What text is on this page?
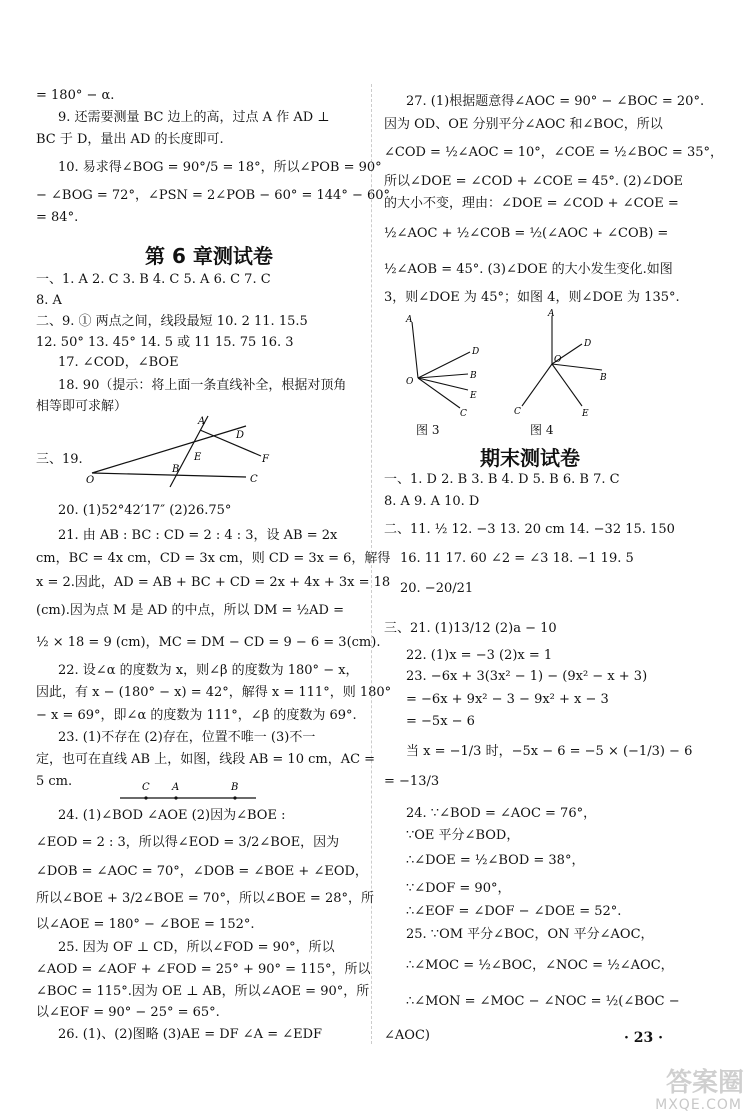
= 180° − α.
9. 还需要测量 BC 边上的高，过点 A 作 AD ⊥
BC 于 D，量出 AD 的长度即可.
10. 易求得∠BOG = 90°/5 = 18°，所以∠POB = 90°
− ∠BOG = 72°，∠PSN = 2∠POB − 60° = 144° − 60°
= 84°.
第 6 章测试卷
一、1. A 2. C 3. B 4. C 5. A 6. C 7. C
8. A
二、9. ① 两点之间，线段最短 10. 2 11. 15.5
12. 50° 13. 45° 14. 5 或 11 15. 75 16. 3
17. ∠COD，∠BOE
18. 90（提示：将上面一条直线补全，根据对顶角
相等即可求解）
三、19.
A
D
E	F
B
O	C
20. (1)52°42′17″ (2)26.75°
21. 由 AB : BC : CD = 2 : 4 : 3，设 AB = 2x
cm，BC = 4x cm，CD = 3x cm，则 CD = 3x = 6，解得
x = 2.因此，AD = AB + BC + CD = 2x + 4x + 3x = 18
(cm).因为点 M 是 AD 的中点，所以 DM = ½AD =
½ × 18 = 9 (cm)，MC = DM − CD = 9 − 6 = 3(cm).
22. 设∠α 的度数为 x，则∠β 的度数为 180° − x，
因此，有 x − (180° − x) = 42°，解得 x = 111°，则 180°
− x = 69°，即∠α 的度数为 111°，∠β 的度数为 69°.
23. (1)不存在 (2)存在，位置不唯一 (3)不一
定，也可在直线 AB 上，如图，线段 AB = 10 cm，AC =
5 cm.	C A	B
24. (1)∠BOD ∠AOE (2)因为∠BOE :
∠EOD = 2 : 3，所以得∠EOD = 3/2∠BOE，因为
∠DOB = ∠AOC = 70°，∠DOB = ∠BOE + ∠EOD，
所以∠BOE + 3/2∠BOE = 70°，所以∠BOE = 28°，所
以∠AOE = 180° − ∠BOE = 152°.
25. 因为 OF ⊥ CD，所以∠FOD = 90°，所以
∠AOD = ∠AOF + ∠FOD = 25° + 90° = 115°，所以
∠BOC = 115°.因为 OE ⊥ AB，所以∠AOE = 90°，所
以∠EOF = 90° − 25° = 65°.
26. (1)、(2)图略 (3)AE = DF ∠A = ∠EDF
27. (1)根据题意得∠AOC = 90° − ∠BOC = 20°.
因为 OD、OE 分别平分∠AOC 和∠BOC，所以
∠COD = ½∠AOC = 10°，∠COE = ½∠BOC = 35°，
所以∠DOE = ∠COD + ∠COE = 45°. (2)∠DOE
的大小不变，理由：∠DOE = ∠COD + ∠COE =
½∠AOC + ½∠COB = ½(∠AOC + ∠COB) =
½∠AOB = 45°. (3)∠DOE 的大小发生变化.如图
3，则∠DOE 为 45°；如图 4，则∠DOE 为 135°.
A
D
B
O
E
C
图 3
A
D
O
B
C	E
图 4
期末测试卷
一、1. D 2. B 3. B 4. D 5. B 6. B 7. C
8. A 9. A 10. D
二、11. ½ 12. −3 13. 20 cm 14. −32 15. 150
16. 11 17. 60 ∠2 = ∠3 18. −1 19. 5
20. −20/21
三、21. (1)13/12 (2)a − 10
22. (1)x = −3 (2)x = 1
23. −6x + 3(3x² − 1) − (9x² − x + 3)
= −6x + 9x² − 3 − 9x² + x − 3
= −5x − 6
当 x = −1/3 时，−5x − 6 = −5 × (−1/3) − 6
= −13/3
24. ∵∠BOD = ∠AOC = 76°，
∵OE 平分∠BOD，
∴∠DOE = ½∠BOD = 38°，
∵∠DOF = 90°，
∴∠EOF = ∠DOF − ∠DOE = 52°.
25. ∵OM 平分∠BOC，ON 平分∠AOC，
∴∠MOC = ½∠BOC，∠NOC = ½∠AOC，
∴∠MON = ∠MOC − ∠NOC = ½(∠BOC −
∠AOC)	· 23 ·
答案圈
MXQE.COM
